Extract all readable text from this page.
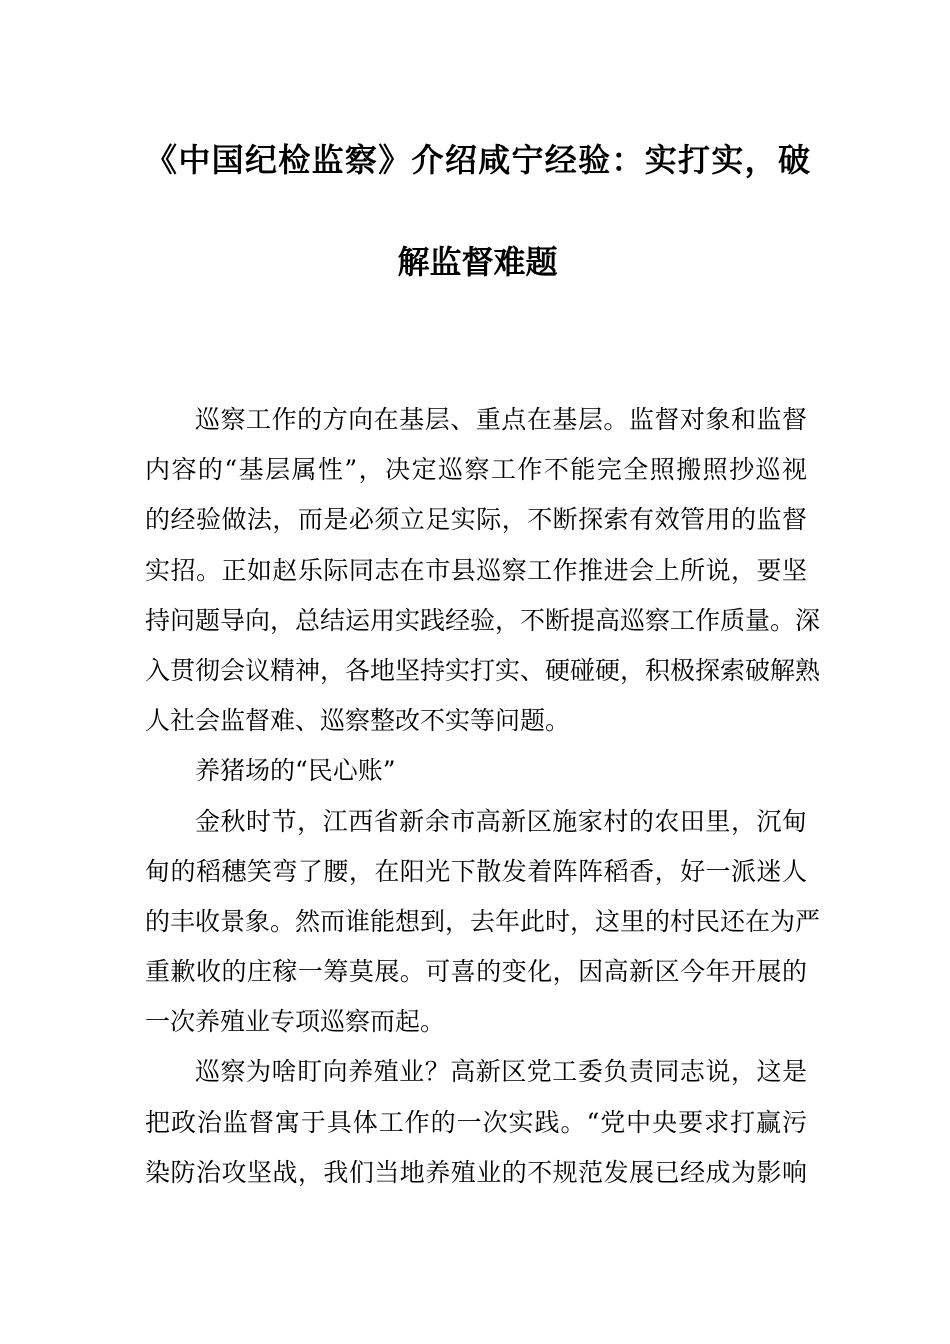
《中国纪检监察》介绍咸宁经验：实打实，破
解监督难题
巡察工作的方向在基层、重点在基层。监督对象和监督
内容的“基层属性”，决定巡察工作不能完全照搬照抄巡视
的经验做法，而是必须立足实际，不断探索有效管用的监督
实招。正如赵乐际同志在市县巡察工作推进会上所说，要坚
持问题导向，总结运用实践经验，不断提高巡察工作质量。深
入贯彻会议精神，各地坚持实打实、硬碰硬，积极探索破解熟
人社会监督难、巡察整改不实等问题。
养猪场的“民心账”
金秋时节，江西省新余市高新区施家村的农田里，沉甸
甸的稻穗笑弯了腰，在阳光下散发着阵阵稻香，好一派迷人
的丰收景象。然而谁能想到，去年此时，这里的村民还在为严
重歉收的庄稼一筹莫展。可喜的变化，因高新区今年开展的
一次养殖业专项巡察而起。
巡察为啥盯向养殖业？高新区党工委负责同志说，这是
把政治监督寓于具体工作的一次实践。“党中央要求打赢污
染防治攻坚战，我们当地养殖业的不规范发展已经成为影响
